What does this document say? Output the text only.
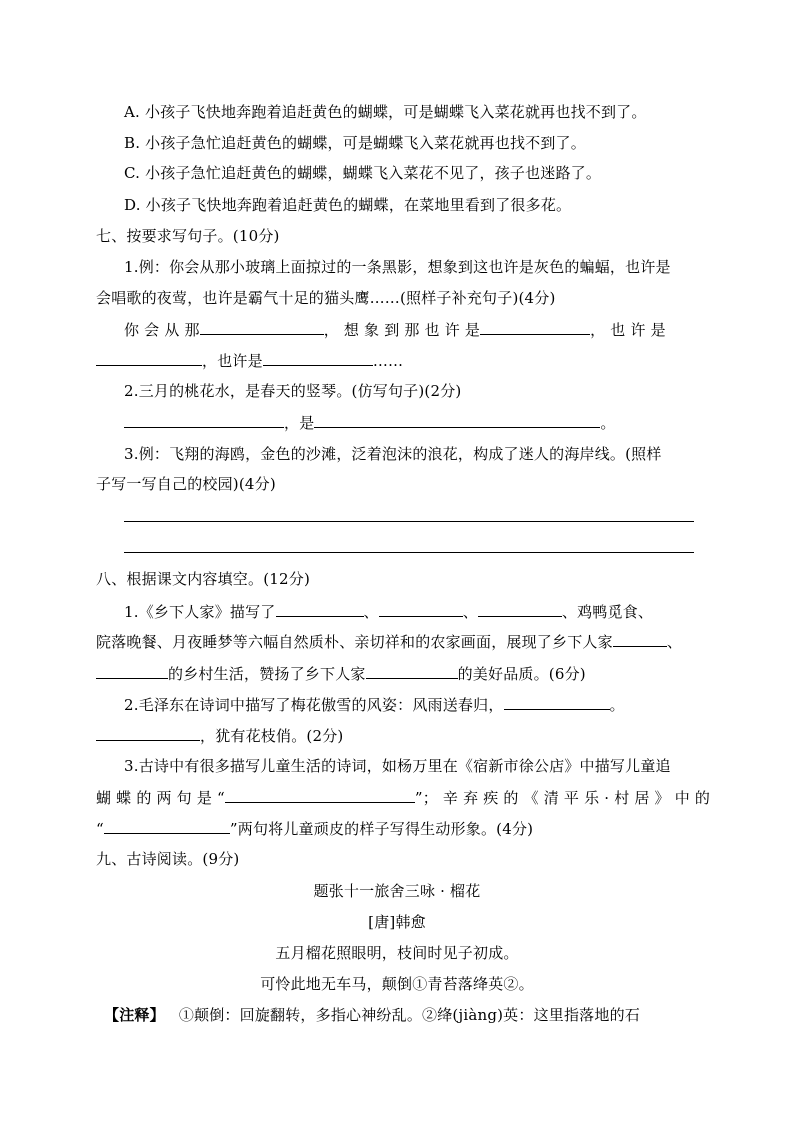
A. 小孩子飞快地奔跑着追赶黄色的蝴蝶，可是蝴蝶飞入菜花就再也找不到了。
B. 小孩子急忙追赶黄色的蝴蝶，可是蝴蝶飞入菜花就再也找不到了。
C. 小孩子急忙追赶黄色的蝴蝶，蝴蝶飞入菜花不见了，孩子也迷路了。
D. 小孩子飞快地奔跑着追赶黄色的蝴蝶，在菜地里看到了很多花。
七、按要求写句子。(10分)
1.例：你会从那小玻璃上面掠过的一条黑影，想象到这也许是灰色的蝙蝠，也许是
会唱歌的夜莺，也许是霸气十足的猫头鹰……(照样子补充句子)(4分)
你 会 从 那	， 想 象 到 那 也 许 是	， 也 许 是
，也许是	……
2.三月的桃花水，是春天的竖琴。(仿写句子)(2分)
，是	。
3.例：飞翔的海鸥，金色的沙滩，泛着泡沫的浪花，构成了迷人的海岸线。(照样
子写一写自己的校园)(4分)
八、根据课文内容填空。(12分)
1.《乡下人家》描写了	、	、	、鸡鸭觅食、
院落晚餐、月夜睡梦等六幅自然质朴、亲切祥和的农家画面，展现了乡下人家	、
的乡村生活，赞扬了乡下人家	的美好品质。(6分)
2.毛泽东在诗词中描写了梅花傲雪的风姿：风雨送春归，	。
，犹有花枝俏。(2分)
3.古诗中有很多描写儿童生活的诗词，如杨万里在《宿新市徐公店》中描写儿童追
蝴 蝶 的 两 句 是 “	”； 辛 弃 疾 的 《 清 平 乐 · 村 居 》 中 的
“	”两句将儿童顽皮的样子写得生动形象。(4分)
九、古诗阅读。(9分)
题张十一旅舍三咏 · 榴花
[唐]韩愈
五月榴花照眼明，枝间时见子初成。
可怜此地无车马，颠倒①青苔落绛英②。
【注释】 ①颠倒：回旋翻转，多指心神纷乱。②绛(jiàng)英：这里指落地的石
